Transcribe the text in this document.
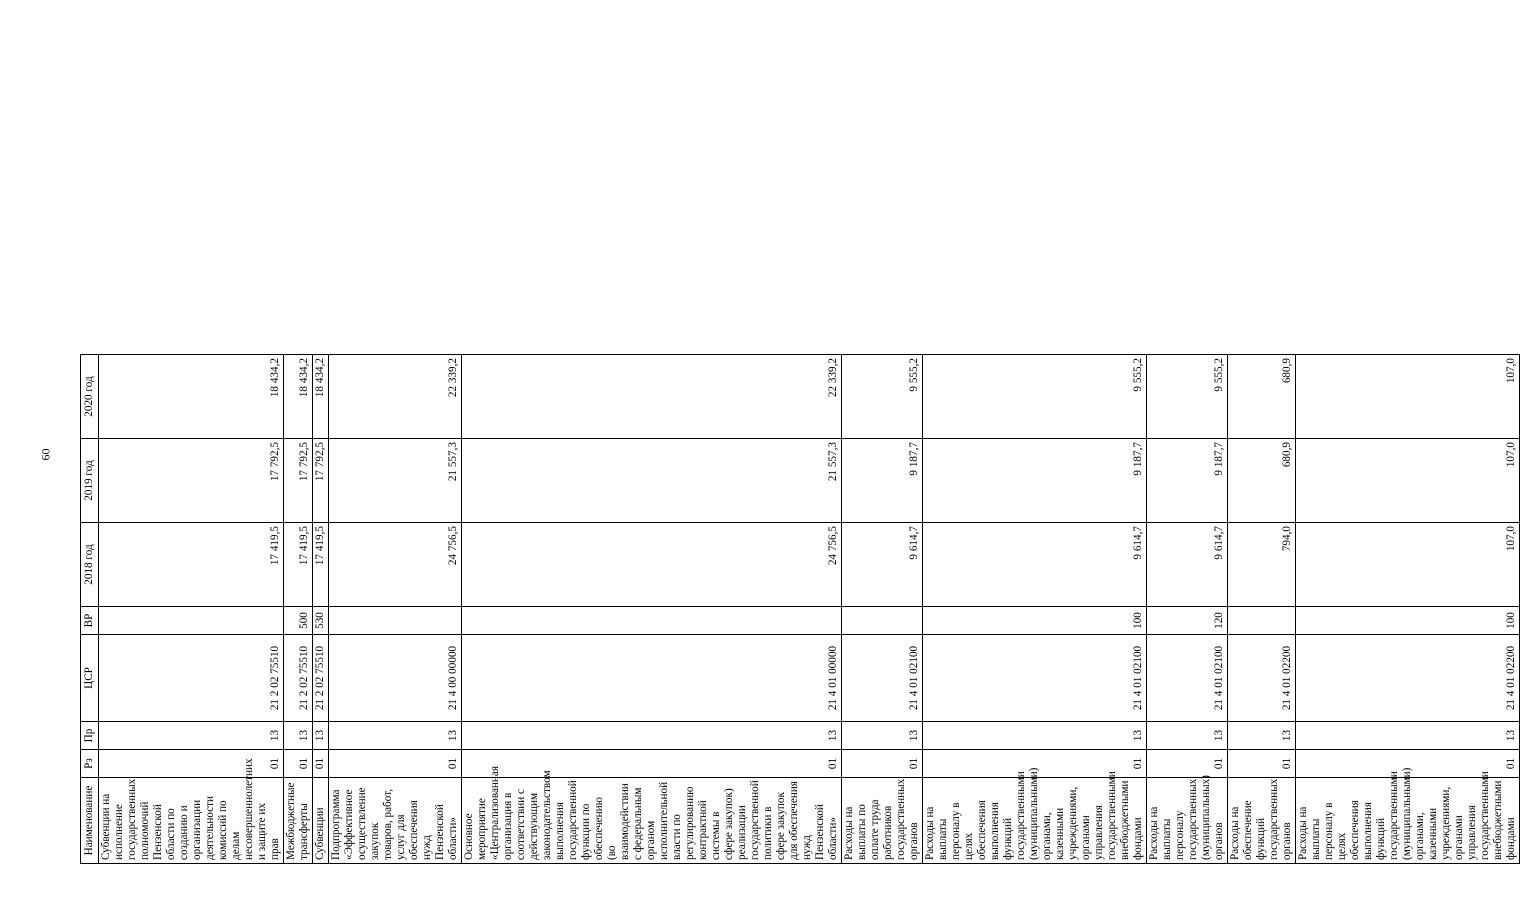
60
Наименование	Рз	Пр	ЦСР	ВР	2018 год	2019 год	2020 год
Субвенции на исполнение государственных полномочий Пензенской области по созданию и организации деятельности комиссий по делам несовершеннолетних и защите их прав	01	13	21 2 02 75510		17 419,5	17 792,5	18 434,2
Межбюджетные трансферты	01	13	21 2 02 75510	500	17 419,5	17 792,5	18 434,2
Субвенции	01	13	21 2 02 75510	530	17 419,5	17 792,5	18 434,2
Подпрограмма «Эффективное осуществление закупок товаров, работ, услуг для обеспечения нужд Пензенской области»	01	13	21 4 00 00000		24 756,5	21 557,3	22 339,2
Основное мероприятие «Централизованная организация в соответствии с действующим законодательством выполнения государственной функции по обеспечению (во взаимодействии с федеральным органом исполнительной власти по регулированию контрактной системы в сфере закупок) реализации государственной политики в сфере закупок для обеспечения нужд Пензенской области»	01	13	21 4 01 00000		24 756,5	21 557,3	22 339,2
Расходы на выплаты по оплате труда работников государственных органов	01	13	21 4 01 02100		9 614,7	9 187,7	9 555,2
Расходы на выплаты персоналу в целях обеспечения выполнения функций государственными (муниципальными) органами, казенными учреждениями, органами управления государственными внебюджетными фондами	01	13	21 4 01 02100	100	9 614,7	9 187,7	9 555,2
Расходы на выплаты персоналу государственных (муниципальных) органов	01	13	21 4 01 02100	120	9 614,7	9 187,7	9 555,2
Расходы на обеспечение функций государственных органов	01	13	21 4 01 02200		794,0	680,9	680,9
Расходы на выплаты персоналу в целях обеспечения выполнения функций государственными (муниципальными) органами, казенными учреждениями, органами управления государственными внебюджетными фондами	01	13	21 4 01 02200	100	107,0	107,0	107,0
